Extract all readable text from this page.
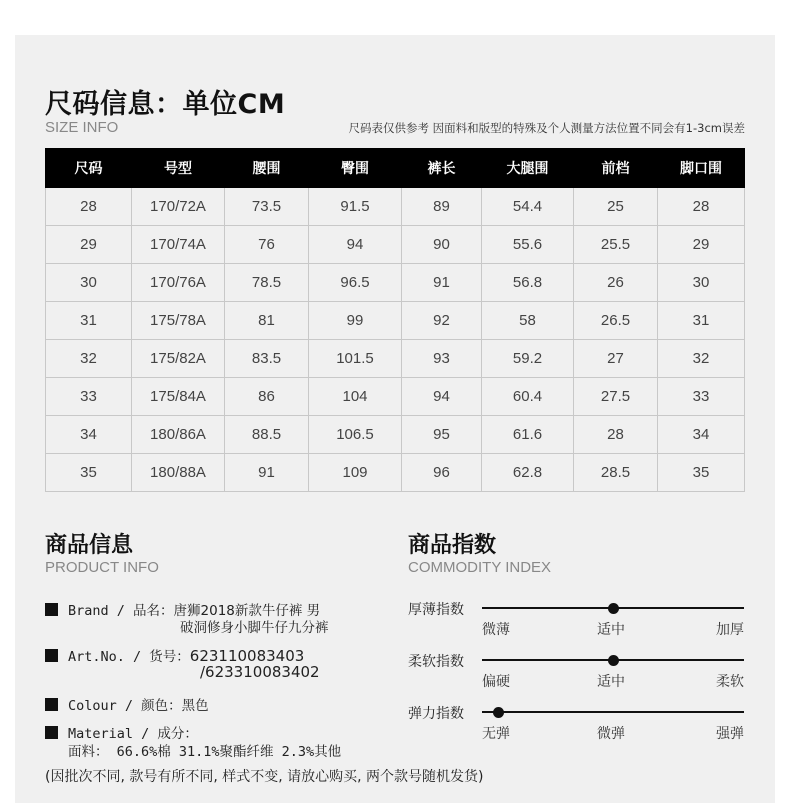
尺码信息：单位CM
SIZE INFO	尺码表仅供参考 因面料和版型的特殊及个人测量方法位置不同会有1-3cm误差
尺码	号型	腰围	臀围	裤长	大腿围	前档	脚口围
28	170/72A	73.5	91.5	89	54.4	25	28
29	170/74A	76	94	90	55.6	25.5	29
30	170/76A	78.5	96.5	91	56.8	26	30
31	175/78A	81	99	92	58	26.5	31
32	175/82A	83.5	101.5	93	59.2	27	32
33	175/84A	86	104	94	60.4	27.5	33
34	180/86A	88.5	106.5	95	61.6	28	34
35	180/88A	91	109	96	62.8	28.5	35
商品信息
PRODUCT INFO
Brand / 品名：唐狮2018新款牛仔裤 男
破洞修身小脚牛仔九分裤
Art.No. / 货号：623110083403
/623310083402
Colour / 颜色：黑色
Material / 成分：
面料： 66.6%棉 31.1%聚酯纤维 2.3%其他
商品指数
COMMODITY INDEX
厚薄指数
微薄	适中	加厚
柔软指数
偏硬	适中	柔软
弹力指数
无弹	微弹	强弹
(因批次不同, 款号有所不同, 样式不变, 请放心购买, 两个款号随机发货)
